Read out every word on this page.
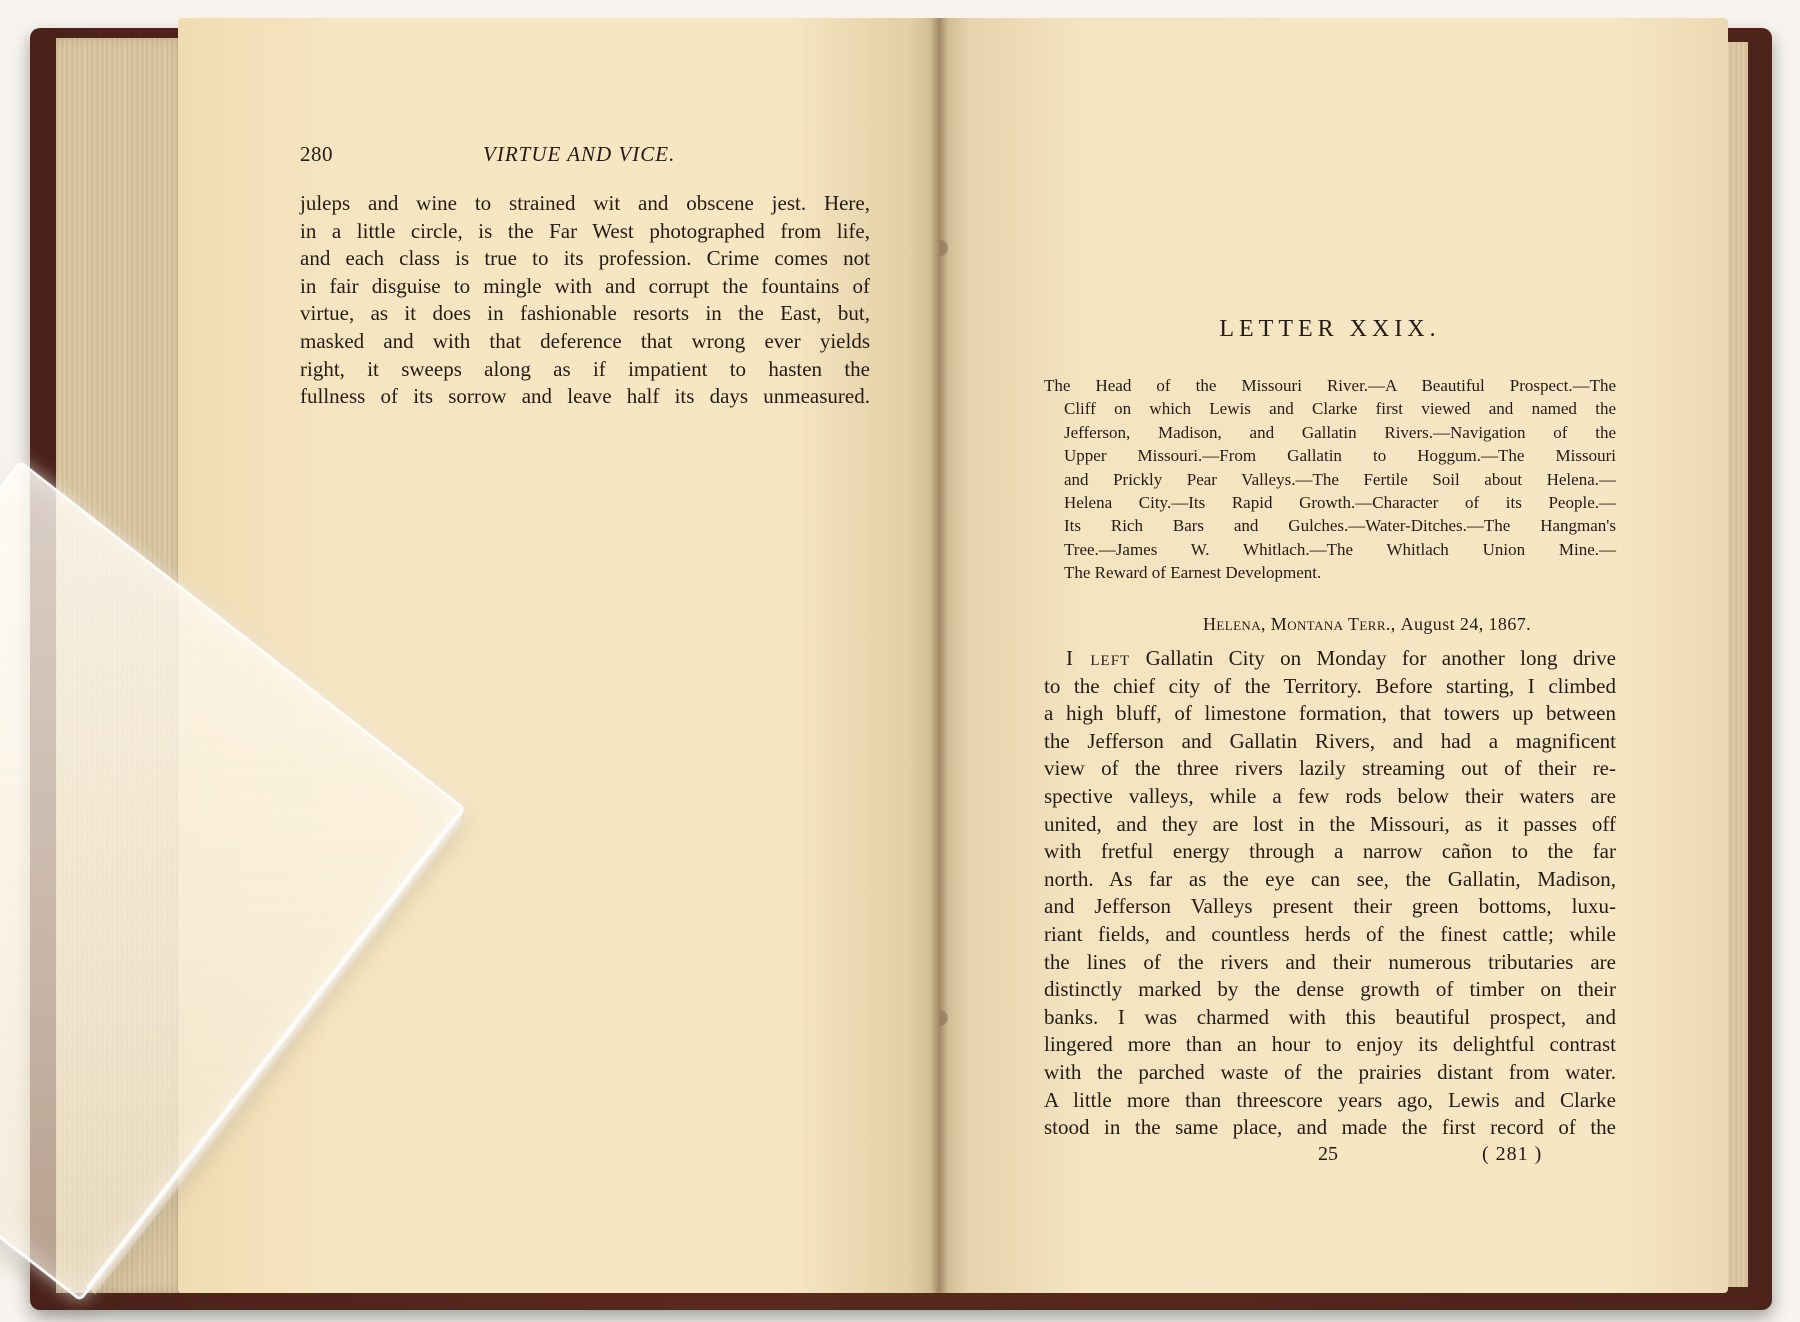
280	VIRTUE AND VICE.
juleps and wine to strained wit and obscene jest. Here,
in a little circle, is the Far West photographed from life,
and each class is true to its profession. Crime comes not
in fair disguise to mingle with and corrupt the fountains of
virtue, as it does in fashionable resorts in the East, but,
masked and with that deference that wrong ever yields
right, it sweeps along as if impatient to hasten the
fullness of its sorrow and leave half its days unmeasured.
LETTER XXIX.
The Head of the Missouri River.—A Beautiful Prospect.—The
Cliff on which Lewis and Clarke first viewed and named the
Jefferson, Madison, and Gallatin Rivers.—Navigation of the
Upper Missouri.—From Gallatin to Hoggum.—The Missouri
and Prickly Pear Valleys.—The Fertile Soil about Helena.—
Helena City.—Its Rapid Growth.—Character of its People.—
Its Rich Bars and Gulches.—Water-Ditches.—The Hangman's
Tree.—James W. Whitlach.—The Whitlach Union Mine.—
The Reward of Earnest Development.
Helena, Montana Terr., August 24, 1867.
I left Gallatin City on Monday for another long drive
to the chief city of the Territory. Before starting, I climbed
a high bluff, of limestone formation, that towers up between
the Jefferson and Gallatin Rivers, and had a magnificent
view of the three rivers lazily streaming out of their re-
spective valleys, while a few rods below their waters are
united, and they are lost in the Missouri, as it passes off
with fretful energy through a narrow cañon to the far
north. As far as the eye can see, the Gallatin, Madison,
and Jefferson Valleys present their green bottoms, luxu-
riant fields, and countless herds of the finest cattle; while
the lines of the rivers and their numerous tributaries are
distinctly marked by the dense growth of timber on their
banks. I was charmed with this beautiful prospect, and
lingered more than an hour to enjoy its delightful contrast
with the parched waste of the prairies distant from water.
A little more than threescore years ago, Lewis and Clarke
stood in the same place, and made the first record of the
25	( 281 )
